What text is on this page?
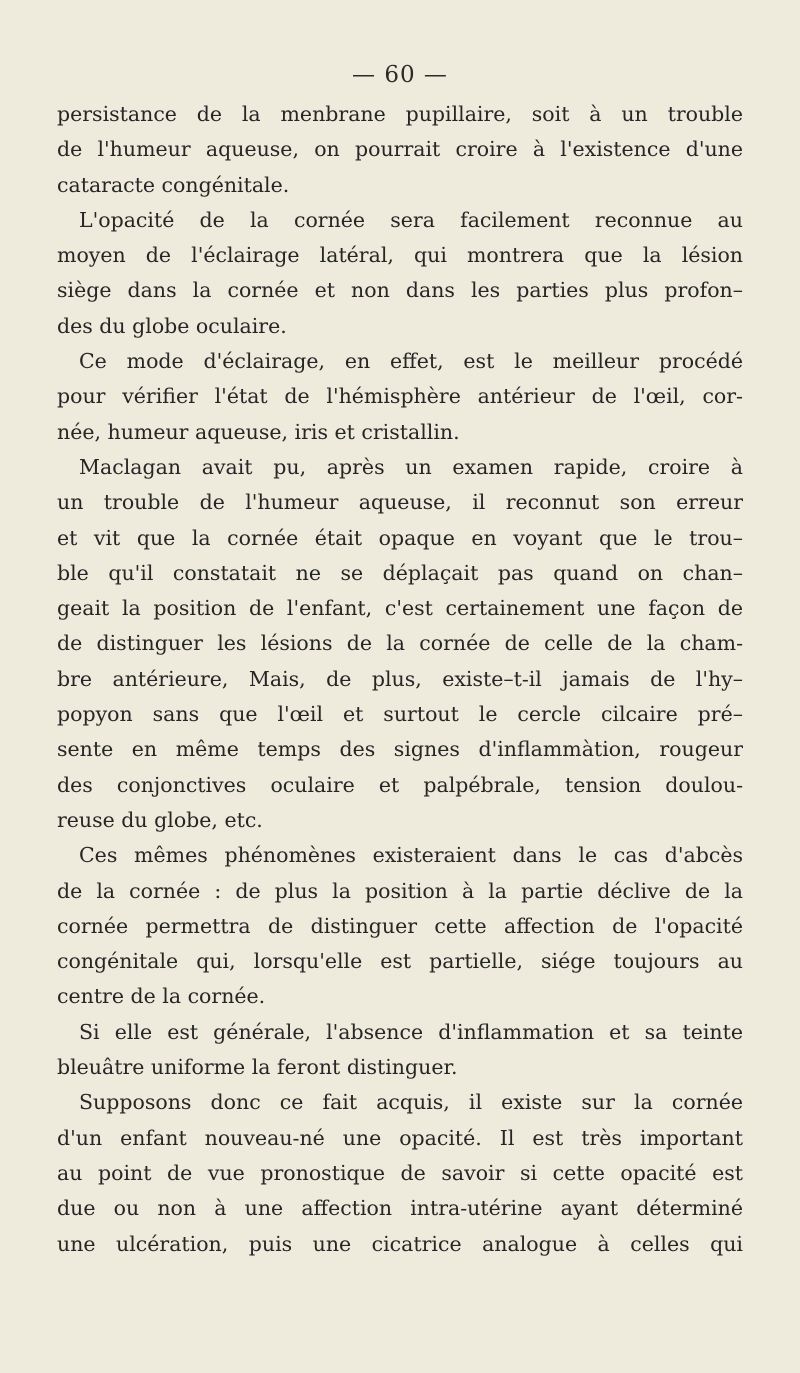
— 60 —
persistance de la menbrane pupillaire, soit à un trouble
de l'humeur aqueuse, on pourrait croire à l'existence d'une
cataracte congénitale.
L'opacité de la cornée sera facilement reconnue au
moyen de l'éclairage latéral, qui montrera que la lésion
siège dans la cornée et non dans les parties plus profon–
des du globe oculaire.
Ce mode d'éclairage, en effet, est le meilleur procédé
pour vérifier l'état de l'hémisphère antérieur de l'œil, cor-
née, humeur aqueuse, iris et cristallin.
Maclagan avait pu, après un examen rapide, croire à
un trouble de l'humeur aqueuse, il reconnut son erreur
et vit que la cornée était opaque en voyant que le trou–
ble qu'il constatait ne se déplaçait pas quand on chan–
geait la position de l'enfant, c'est certainement une façon de
de distinguer les lésions de la cornée de celle de la cham-
bre antérieure, Mais, de plus, existe–t-il jamais de l'hy–
popyon sans que l'œil et surtout le cercle cilcaire pré–
sente en même temps des signes d'inflammàtion, rougeur
des conjonctives oculaire et palpébrale, tension doulou-
reuse du globe, etc.
Ces mêmes phénomènes existeraient dans le cas d'abcès
de la cornée : de plus la position à la partie déclive de la
cornée permettra de distinguer cette affection de l'opacité
congénitale qui, lorsqu'elle est partielle, siége toujours au
centre de la cornée.
Si elle est générale, l'absence d'inflammation et sa teinte
bleuâtre uniforme la feront distinguer.
Supposons donc ce fait acquis, il existe sur la cornée
d'un enfant nouveau-né une opacité. Il est très important
au point de vue pronostique de savoir si cette opacité est
due ou non à une affection intra-utérine ayant déterminé
une ulcération, puis une cicatrice analogue à celles qui
